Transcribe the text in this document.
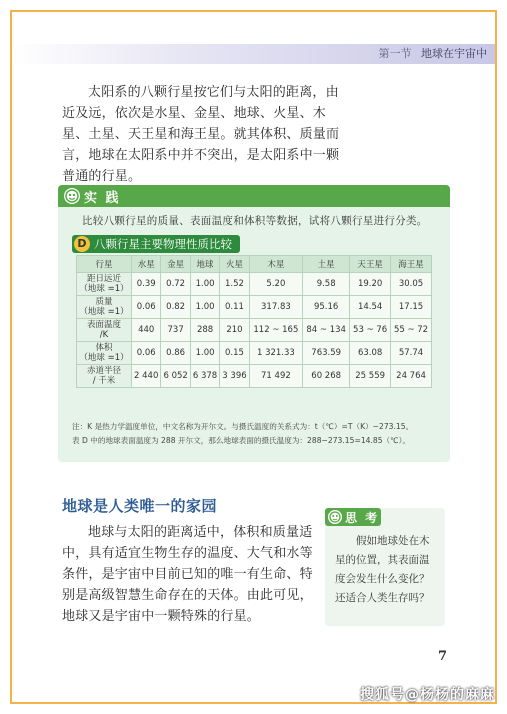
第一节 地球在宇宙中

太阳系的八颗行星按它们与太阳的距离，由近及远，依次是水星、金星、地球、火星、木星、土星、天王星和海王星。就其体积、质量而言，地球在太阳系中并不突出，是太阳系中一颗普通的行星。

实 践
比较八颗行星的质量、表面温度和体积等数据，试将八颗行星进行分类。
D 八颗行星主要物理性质比较
行星	水星	金星	地球	火星	木星	土星	天王星	海王星
距日远近
（地球 =1）	0.39	0.72	1.00	1.52	5.20	9.58	19.20	30.05
质量
（地球 =1）	0.06	0.82	1.00	0.11	317.83	95.16	14.54	17.15
表面温度
/K	440	737	288	210	112 ~ 165	84 ~ 134	53 ~ 76	55 ~ 72
体积
（地球 =1）	0.06	0.86	1.00	0.15	1 321.33	763.59	63.08	57.74
赤道半径
/ 千米	2 440	6 052	6 378	3 396	71 492	60 268	25 559	24 764
注：K 是热力学温度单位，中文名称为开尔文。与摄氏温度的关系式为：t（℃）=T（K）−273.15。
表 D 中的地球表面温度为 288 开尔文，那么地球表面的摄氏温度为：288−273.15=14.85（℃）。
地球是人类唯一的家园

地球与太阳的距离适中，体积和质量适中，具有适宜生物生存的温度、大气和水等条件，是宇宙中目前已知的唯一有生命、特别是高级智慧生命存在的天体。由此可见，地球又是宇宙中一颗特殊的行星。

思 考
假如地球处在木星的位置，其表面温度会发生什么变化？还适合人类生存吗？
7
搜狐号@杨杨的麻麻
